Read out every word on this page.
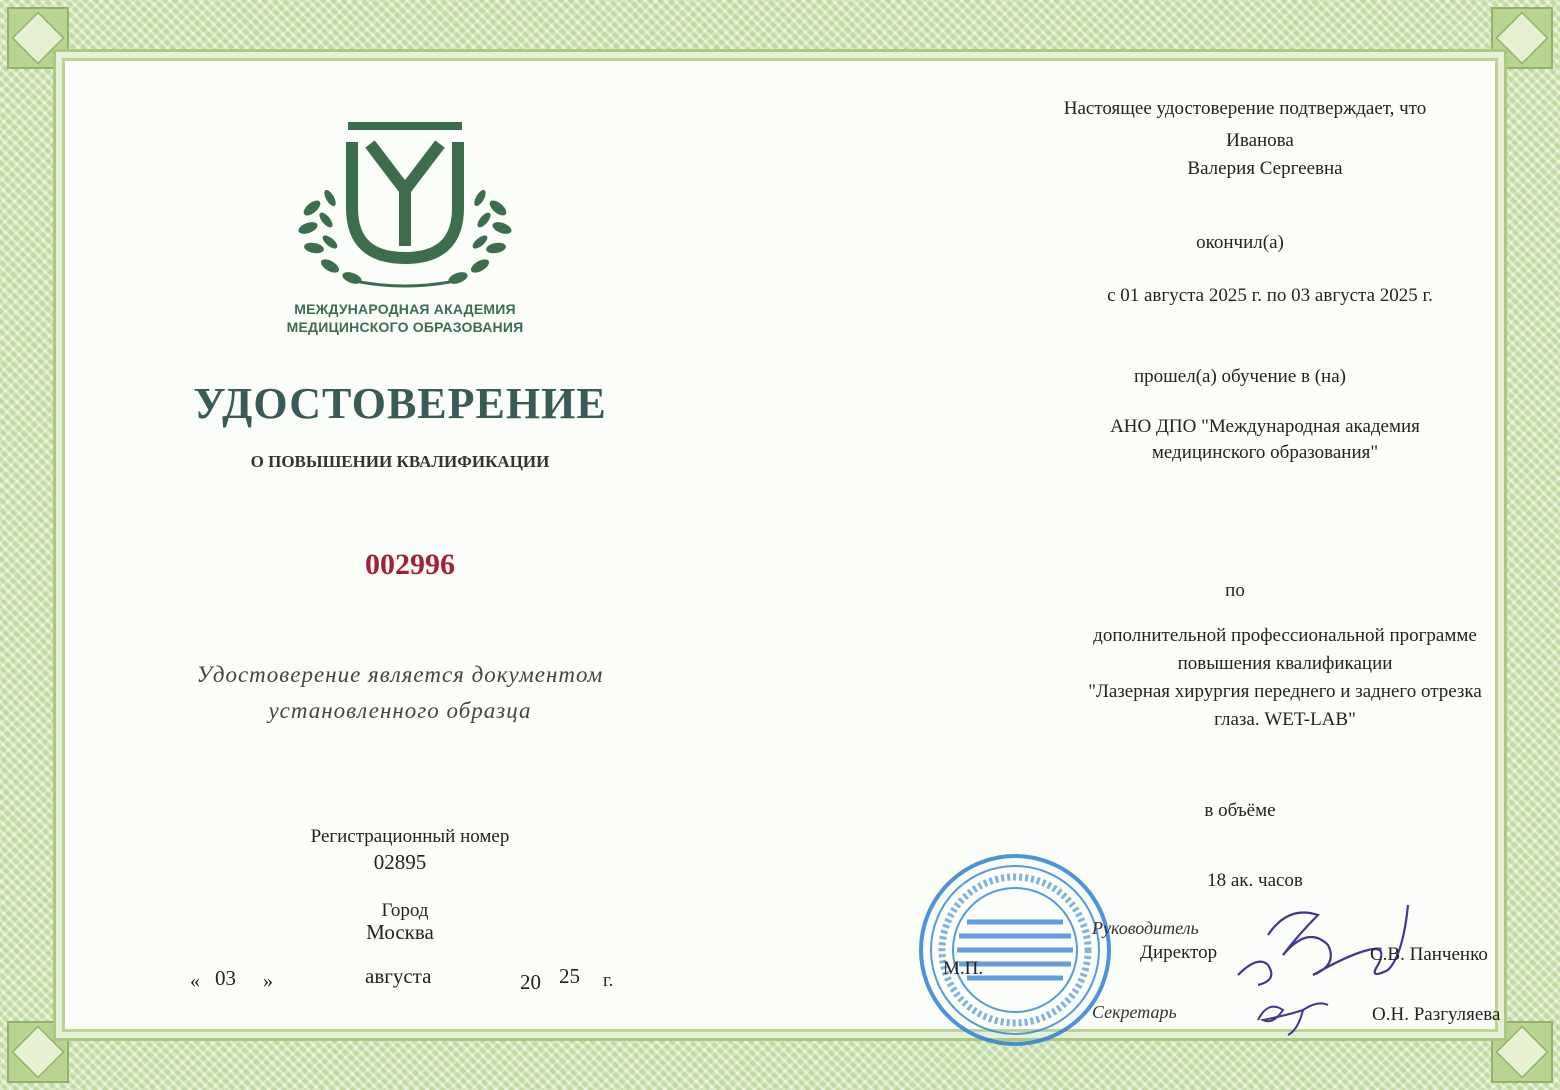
МЕЖДУНАРОДНАЯ АКАДЕМИЯ
МЕДИЦИНСКОГО ОБРАЗОВАНИЯ
УДОСТОВЕРЕНИЕ
О ПОВЫШЕНИИ КВАЛИФИКАЦИИ
002996
Удостоверение является документом
установленного образца
Регистрационный номер
02895
Город
Москва
« 03 »	августа	20 25 г.
Настоящее удостоверение подтверждает, что
Иванова
Валерия Сергеевна
окончил(а)
с 01 августа 2025 г. по 03 августа 2025 г.
прошел(а) обучение в (на)
АНО ДПО "Международная академия
медицинского образования"
по
дополнительной профессиональной программе
повышения квалификации
"Лазерная хирургия переднего и заднего отрезка
глаза. WET-LAB"
в объёме
18 ак. часов
М.П.
Руководитель
Директор	С.В. Панченко
Секретарь	О.Н. Разгуляева
